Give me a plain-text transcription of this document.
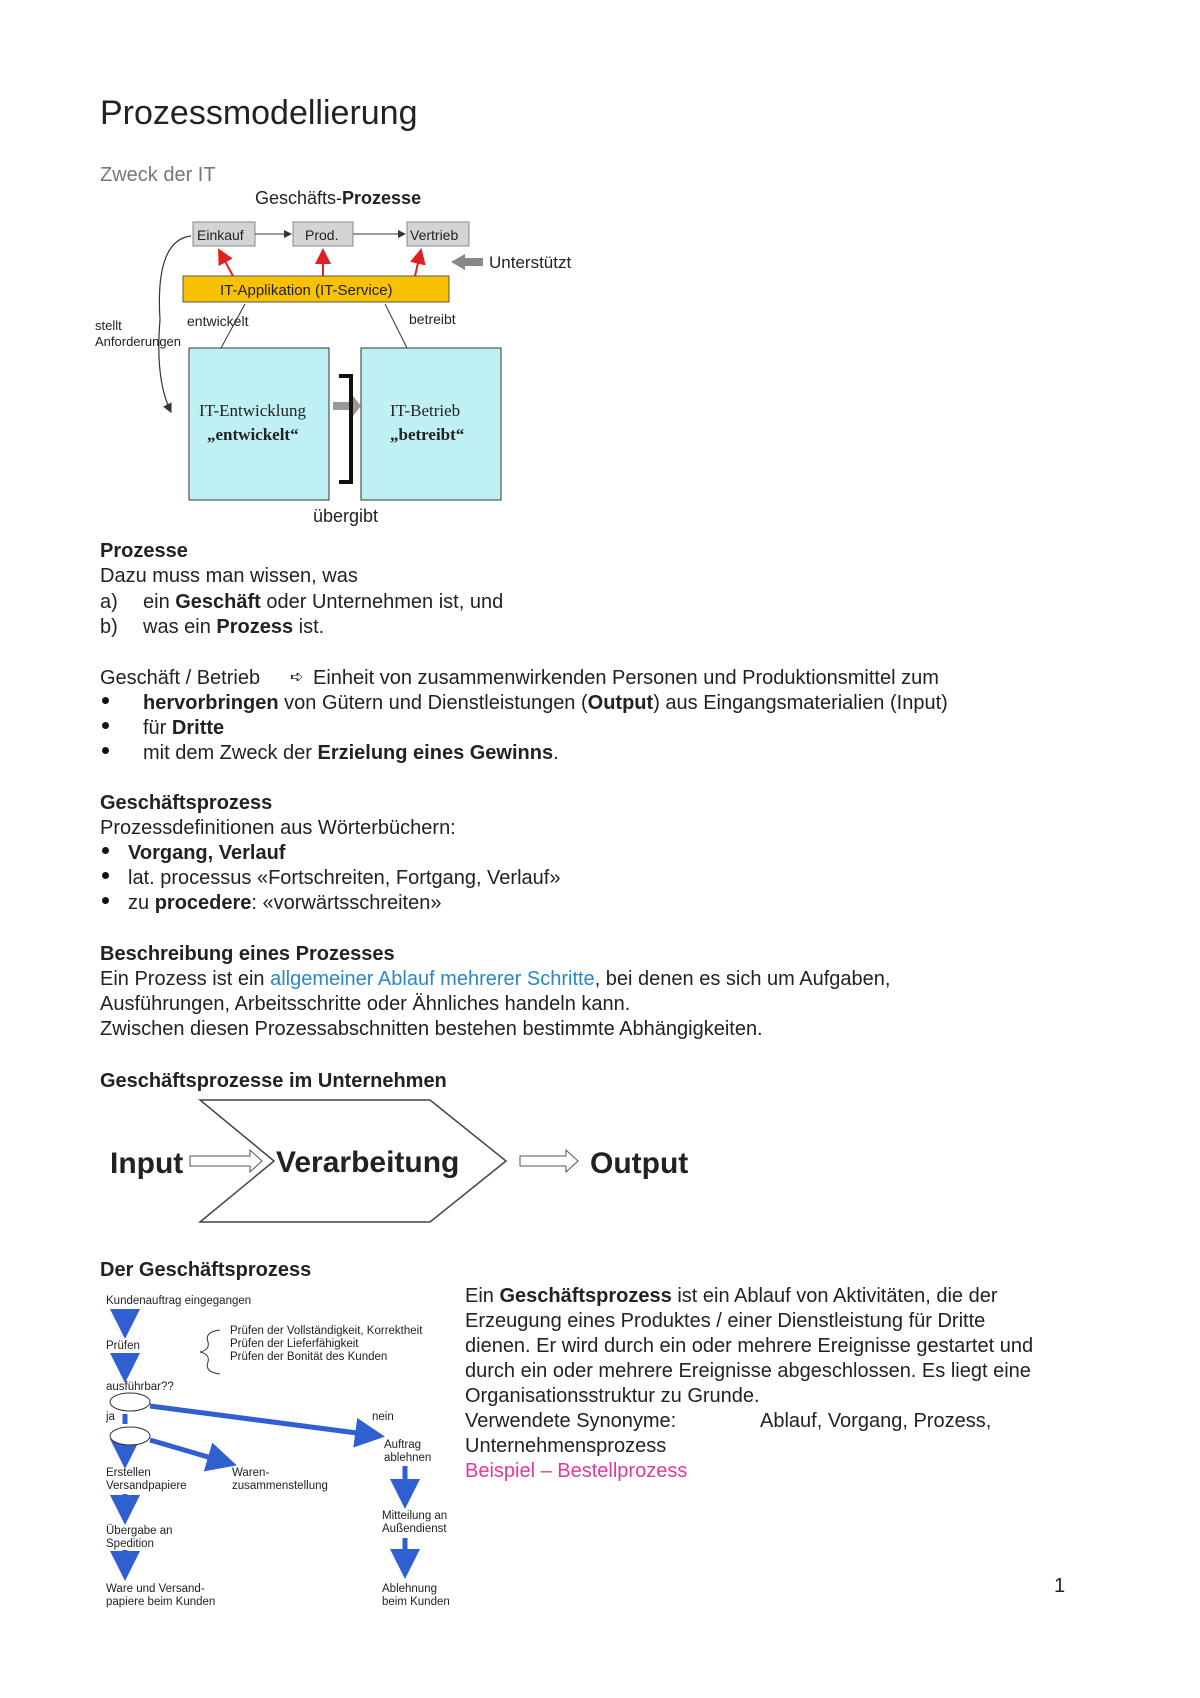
Prozessmodellierung
Zweck der IT
Geschäfts-Prozesse
Einkauf	Prod.	Vertrieb
Unterstützt
IT-Applikation (IT-Service)
stellt
Anforderungen
entwickelt	betreibt
IT-Entwicklung
„entwickelt“
IT-Betrieb
„betreibt“
übergibt
Prozesse
Dazu muss man wissen, was
a) ein Geschäft oder Unternehmen ist, und
b) was ein Prozess ist.
Geschäft / Betrieb ➪ Einheit von zusammenwirkenden Personen und Produktionsmittel zum
hervorbringen von Gütern und Dienstleistungen (Output) aus Eingangsmaterialien (Input)
für Dritte
mit dem Zweck der Erzielung eines Gewinns.
Geschäftsprozess
Prozessdefinitionen aus Wörterbüchern:
Vorgang, Verlauf
lat. processus «Fortschreiten, Fortgang, Verlauf»
zu procedere: «vorwärtsschreiten»
Beschreibung eines Prozesses
Ein Prozess ist ein allgemeiner Ablauf mehrerer Schritte, bei denen es sich um Aufgaben,
Ausführungen, Arbeitsschritte oder Ähnliches handeln kann.
Zwischen diesen Prozessabschnitten bestehen bestimmte Abhängigkeiten.
Geschäftsprozesse im Unternehmen
Input	Verarbeitung	Output
Der Geschäftsprozess
Kundenauftrag eingegangen
Prüfen
Prüfen der Vollständigkeit, Korrektheit
Prüfen der Lieferfähigkeit
Prüfen der Bonität des Kunden
ausführbar??
ja	nein
Auftrag
ablehnen
Erstellen
Versandpapiere
Waren-
zusammenstellung
Mitteilung an
Außendienst
Übergabe an
Spedition
Ware und Versand-
papiere beim Kunden
Ablehnung
beim Kunden
Ein Geschäftsprozess ist ein Ablauf von Aktivitäten, die der
Erzeugung eines Produktes / einer Dienstleistung für Dritte
dienen. Er wird durch ein oder mehrere Ereignisse gestartet und
durch ein oder mehrere Ereignisse abgeschlossen. Es liegt eine
Organisationsstruktur zu Grunde.
Verwendete Synonyme:	Ablauf, Vorgang, Prozess,
Unternehmensprozess
Beispiel – Bestellprozess
1
